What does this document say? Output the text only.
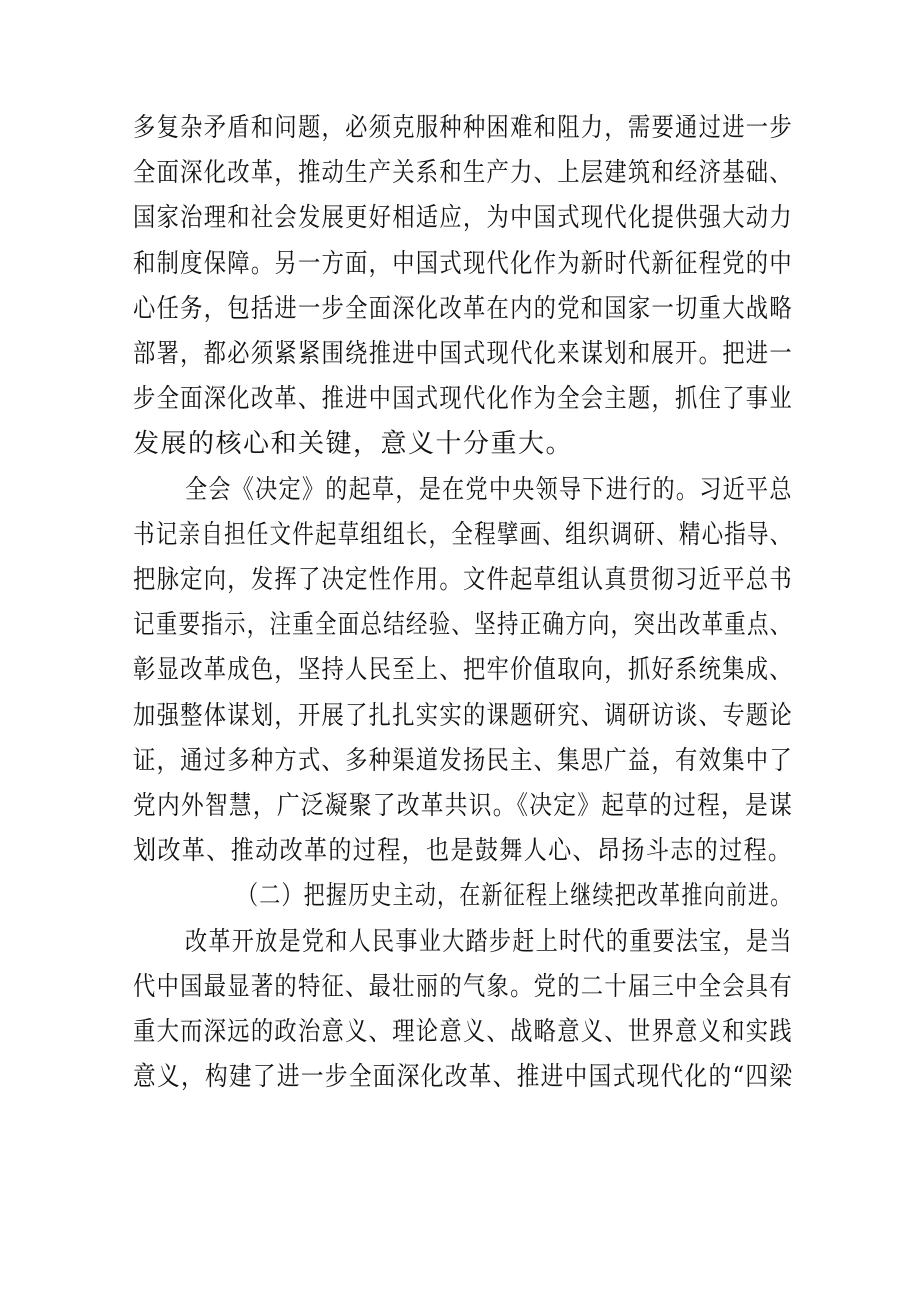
多复杂矛盾和问题，必须克服种种困难和阻力，需要通过进一步
全面深化改革，推动生产关系和生产力、上层建筑和经济基础、
国家治理和社会发展更好相适应，为中国式现代化提供强大动力
和制度保障。另一方面，中国式现代化作为新时代新征程党的中
心任务，包括进一步全面深化改革在内的党和国家一切重大战略
部署，都必须紧紧围绕推进中国式现代化来谋划和展开。把进一
步全面深化改革、推进中国式现代化作为全会主题，抓住了事业
发展的核心和关键，意义十分重大。
全会《决定》的起草，是在党中央领导下进行的。习近平总
书记亲自担任文件起草组组长，全程擘画、组织调研、精心指导、
把脉定向，发挥了决定性作用。文件起草组认真贯彻习近平总书
记重要指示，注重全面总结经验、坚持正确方向，突出改革重点、
彰显改革成色，坚持人民至上、把牢价值取向，抓好系统集成、
加强整体谋划，开展了扎扎实实的课题研究、调研访谈、专题论
证，通过多种方式、多种渠道发扬民主、集思广益，有效集中了
党内外智慧，广泛凝聚了改革共识。《决定》起草的过程，是谋
划改革、推动改革的过程，也是鼓舞人心、昂扬斗志的过程。
（二）把握历史主动，在新征程上继续把改革推向前进。
改革开放是党和人民事业大踏步赶上时代的重要法宝，是当
代中国最显著的特征、最壮丽的气象。党的二十届三中全会具有
重大而深远的政治意义、理论意义、战略意义、世界意义和实践
意义，构建了进一步全面深化改革、推进中国式现代化的“四梁
